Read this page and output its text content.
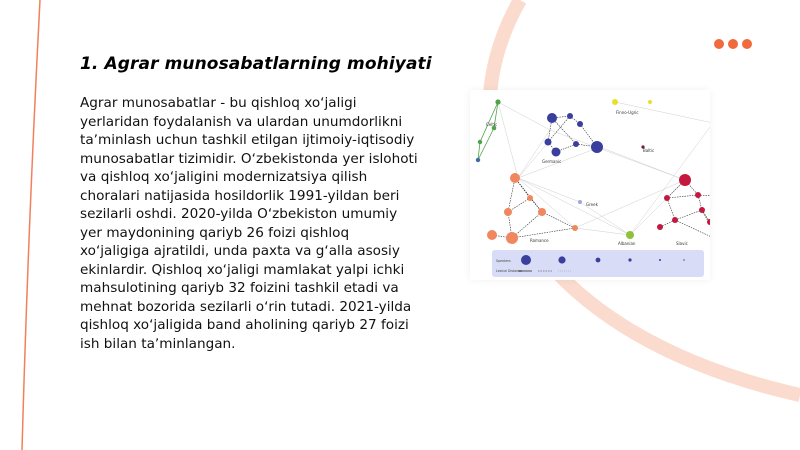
1. Agrar munosabatlarning mohiyati

Agrar munosabatlar - bu qishloq xoʻjaligi yerlaridan foydalanish va ulardan unumdorlikni taʼminlash uchun tashkil etilgan ijtimoiy-iqtisodiy munosabatlar tizimidir. Oʻzbekistonda yer islohoti va qishloq xoʻjaligini modernizatsiya qilish choralari natijasida hosildorlik 1991-yildan beri sezilarli oshdi. 2020-yilda Oʻzbekiston umumiy yer maydonining qariyb 26 foizi qishloq xoʻjaligiga ajratildi, unda paxta va gʻalla asosiy ekinlardir. Qishloq xoʻjaligi mamlakat yalpi ichki mahsulotining qariyb 32 foizini tashkil etadi va mehnat bozorida sezilarli oʻrin tutadi. 2021-yilda qishloq xoʻjaligida band aholining qariyb 27 foizi ish bilan taʼminlangan.

Romance
Germanic
Slavic
Celtic
Greek
Albanian
Baltic
Finno-Ugric
Speakers
Lexical Distance
